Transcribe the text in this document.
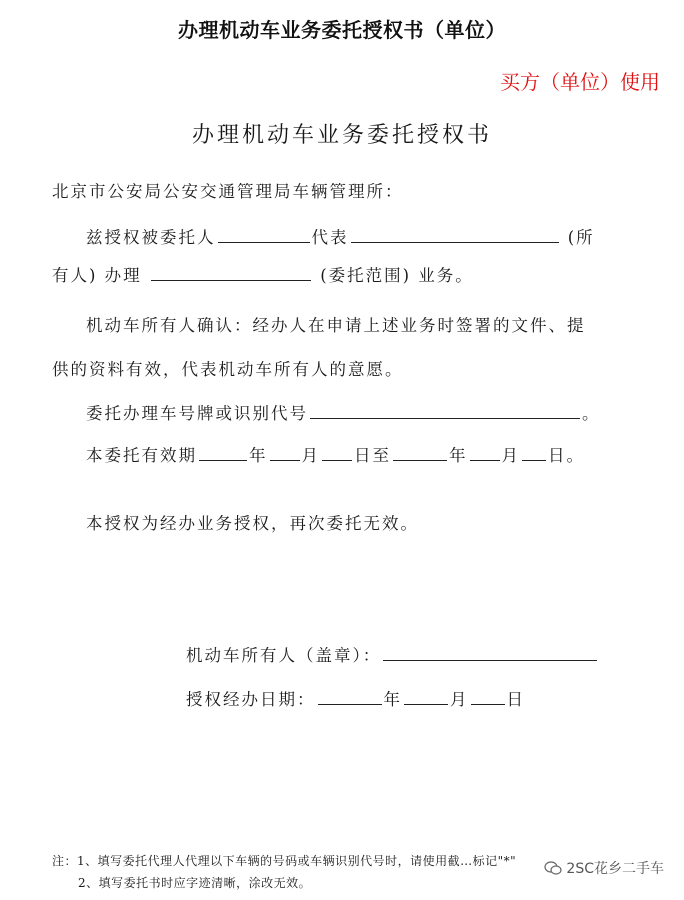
办理机动车业务委托授权书（单位）
买方（单位）使用
办理机动车业务委托授权书
北京市公安局公安交通管理局车辆管理所：
兹授权被委托人	代表	(所
有人) 办理	(委托范围) 业务。
机动车所有人确认：经办人在申请上述业务时签署的文件、提
供的资料有效，代表机动车所有人的意愿。
委托办理车号牌或识别代号	。
本委托有效期	年 月 日至	年 月 日。
本授权为经办业务授权，再次委托无效。
机动车所有人（盖章）：
授权经办日期：	年	月 日
注：1、填写委托代理人代理以下车辆的号码或车辆识别代号时，请使用截…标记"*"
2、填写委托书时应字迹清晰，涂改无效。
2SC花乡二手车
